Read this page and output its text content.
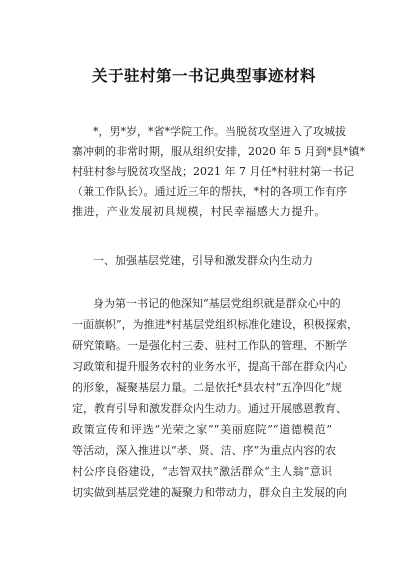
关于驻村第一书记典型事迹材料
*，男*岁，*省*学院工作。当脱贫攻坚进入了攻城拔
寨冲刺的非常时期，服从组织安排，2020 年 5 月到*县*镇*
村驻村参与脱贫攻坚战；2021 年 7 月任*村驻村第一书记
（兼工作队长）。通过近三年的帮扶，*村的各项工作有序
推进，产业发展初具规模，村民幸福感大力提升。
一、加强基层党建，引导和激发群众内生动力
身为第一书记的他深知“基层党组织就是群众心中的
一面旗帜”，为推进*村基层党组织标准化建设，积极探索，
研究策略。一是强化村三委、驻村工作队的管理、不断学
习政策和提升服务农村的业务水平，提高干部在群众内心
的形象，凝聚基层力量。二是依托*县农村“五净四化”规
定，教育引导和激发群众内生动力。通过开展感恩教育、
政策宣传和评选“光荣之家”“美丽庭院”“道德模范”
等活动，深入推进以“孝、贤、洁、序”为重点内容的农
村公序良俗建设，“志智双扶”激活群众“主人翁”意识
切实做到基层党建的凝聚力和带动力，群众自主发展的向
